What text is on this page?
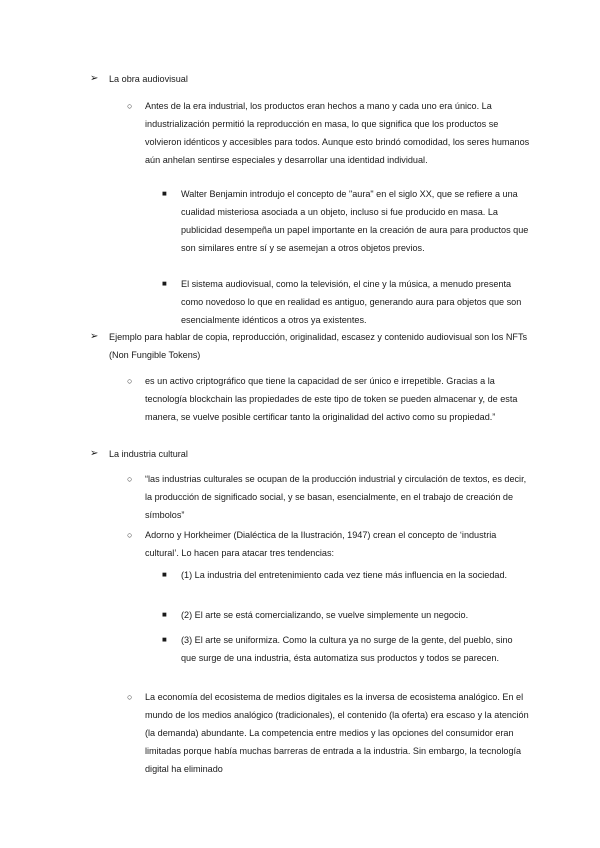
➢ La obra audiovisual

○ Antes de la era industrial, los productos eran hechos a mano y cada uno era único. La industrialización permitió la reproducción en masa, lo que significa que los productos se volvieron idénticos y accesibles para todos. Aunque esto brindó comodidad, los seres humanos aún anhelan sentirse especiales y desarrollar una identidad individual.

■ Walter Benjamin introdujo el concepto de "aura" en el siglo XX, que se refiere a una cualidad misteriosa asociada a un objeto, incluso si fue producido en masa. La publicidad desempeña un papel importante en la creación de aura para productos que son similares entre sí y se asemejan a otros objetos previos.

■ El sistema audiovisual, como la televisión, el cine y la música, a menudo presenta como novedoso lo que en realidad es antiguo, generando aura para objetos que son esencialmente idénticos a otros ya existentes.

➢ Ejemplo para hablar de copia, reproducción, originalidad, escasez y contenido audiovisual son los NFTs (Non Fungible Tokens)

○ es un activo criptográfico que tiene la capacidad de ser único e irrepetible. Gracias a la tecnología blockchain las propiedades de este tipo de token se pueden almacenar y, de esta manera, se vuelve posible certificar tanto la originalidad del activo como su propiedad.”

➢ La industria cultural

○ “las industrias culturales se ocupan de la producción industrial y circulación de textos, es decir, la producción de significado social, y se basan, esencialmente, en el trabajo de creación de símbolos”

○ Adorno y Horkheimer (Dialéctica de la Ilustración, 1947) crean el concepto de ‘industria cultural’. Lo hacen para atacar tres tendencias:

■ (1) La industria del entretenimiento cada vez tiene más influencia en la sociedad.

■ (2) El arte se está comercializando, se vuelve simplemente un negocio.

■ (3) El arte se uniformiza. Como la cultura ya no surge de la gente, del pueblo, sino que surge de una industria, ésta automatiza sus productos y todos se parecen.

○ La economía del ecosistema de medios digitales es la inversa de ecosistema analógico. En el mundo de los medios analógico (tradicionales), el contenido (la oferta) era escaso y la atención (la demanda) abundante. La competencia entre medios y las opciones del consumidor eran limitadas porque había muchas barreras de entrada a la industria. Sin embargo, la tecnología digital ha eliminado
